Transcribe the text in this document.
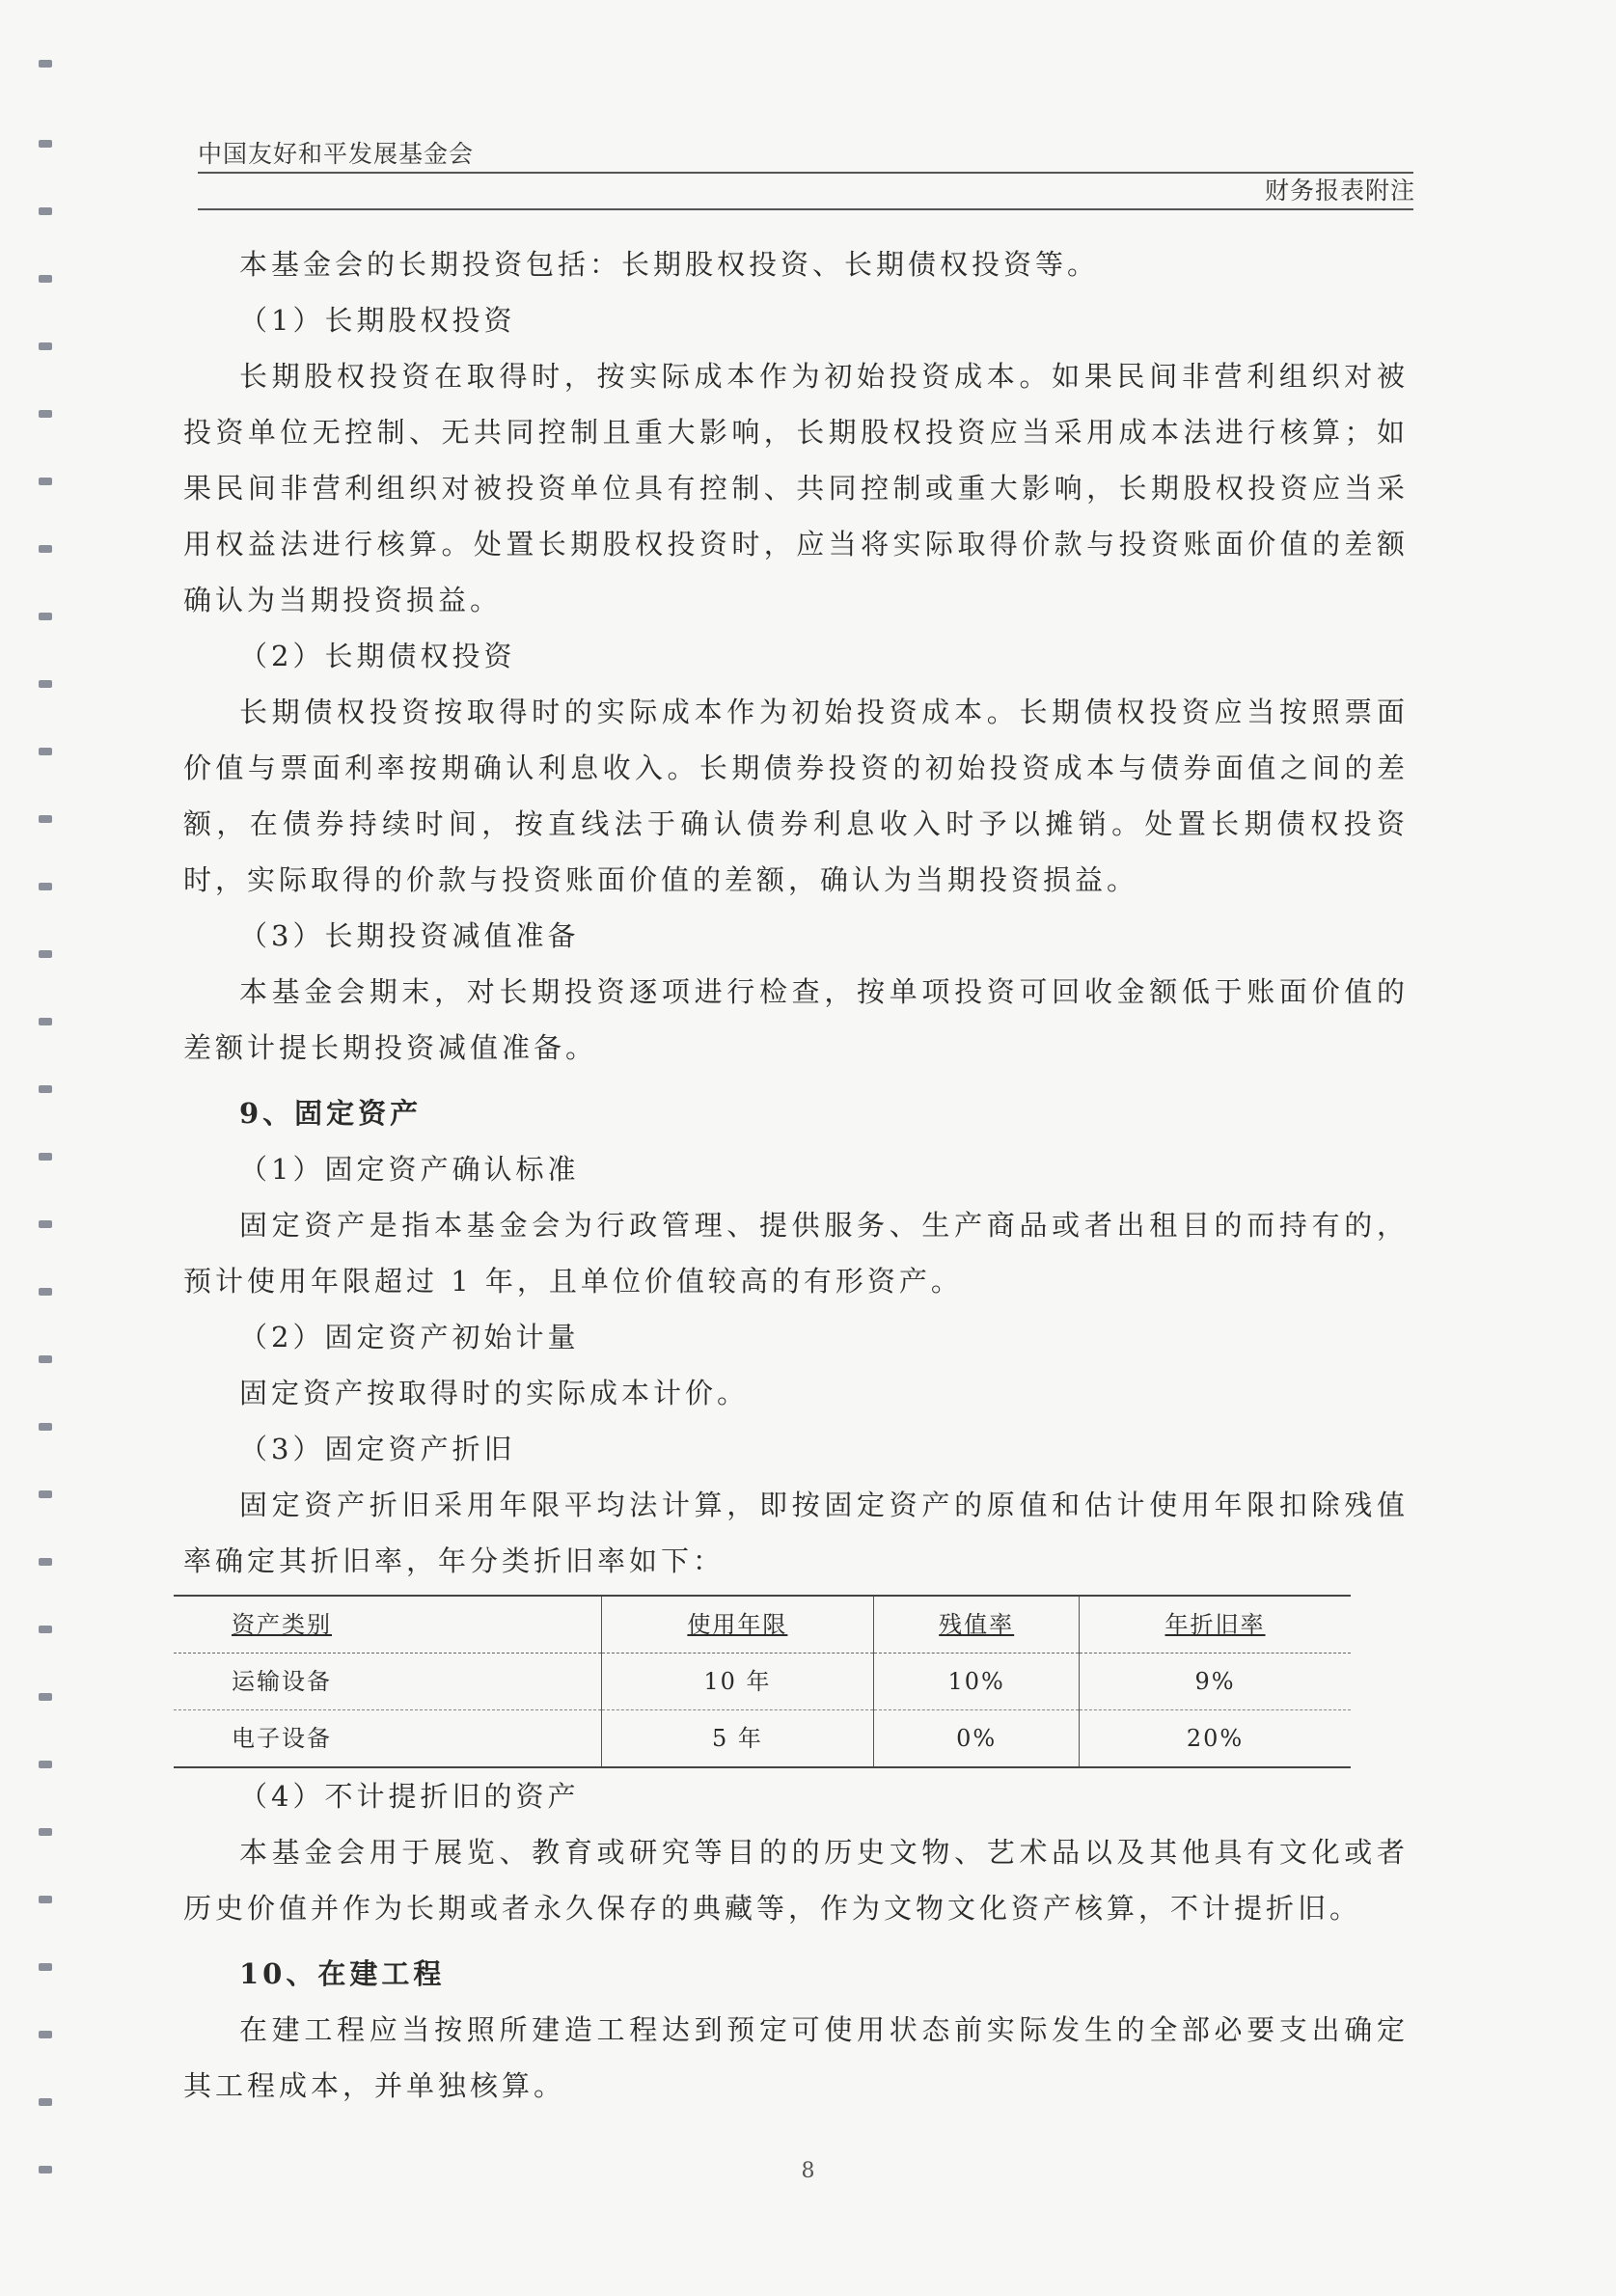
中国友好和平发展基金会
财务报表附注

本基金会的长期投资包括：长期股权投资、长期债权投资等。

（1）长期股权投资

长期股权投资在取得时，按实际成本作为初始投资成本。如果民间非营利组织对被投资单位无控制、无共同控制且重大影响，长期股权投资应当采用成本法进行核算；如果民间非营利组织对被投资单位具有控制、共同控制或重大影响，长期股权投资应当采用权益法进行核算。处置长期股权投资时，应当将实际取得价款与投资账面价值的差额确认为当期投资损益。

（2）长期债权投资

长期债权投资按取得时的实际成本作为初始投资成本。长期债权投资应当按照票面价值与票面利率按期确认利息收入。长期债券投资的初始投资成本与债券面值之间的差额，在债券持续时间，按直线法于确认债券利息收入时予以摊销。处置长期债权投资时，实际取得的价款与投资账面价值的差额，确认为当期投资损益。

（3）长期投资减值准备

本基金会期末，对长期投资逐项进行检查，按单项投资可回收金额低于账面价值的差额计提长期投资减值准备。

9、固定资产

（1）固定资产确认标准

固定资产是指本基金会为行政管理、提供服务、生产商品或者出租目的而持有的，预计使用年限超过 1 年，且单位价值较高的有形资产。

（2）固定资产初始计量

固定资产按取得时的实际成本计价。

（3）固定资产折旧

固定资产折旧采用年限平均法计算，即按固定资产的原值和估计使用年限扣除残值率确定其折旧率，年分类折旧率如下：

资产类别	使用年限	残值率	年折旧率
运输设备	10 年	10%	9%
电子设备	5 年	0%	20%

（4）不计提折旧的资产

本基金会用于展览、教育或研究等目的的历史文物、艺术品以及其他具有文化或者历史价值并作为长期或者永久保存的典藏等，作为文物文化资产核算，不计提折旧。

10、在建工程

在建工程应当按照所建造工程达到预定可使用状态前实际发生的全部必要支出确定其工程成本，并单独核算。

8
